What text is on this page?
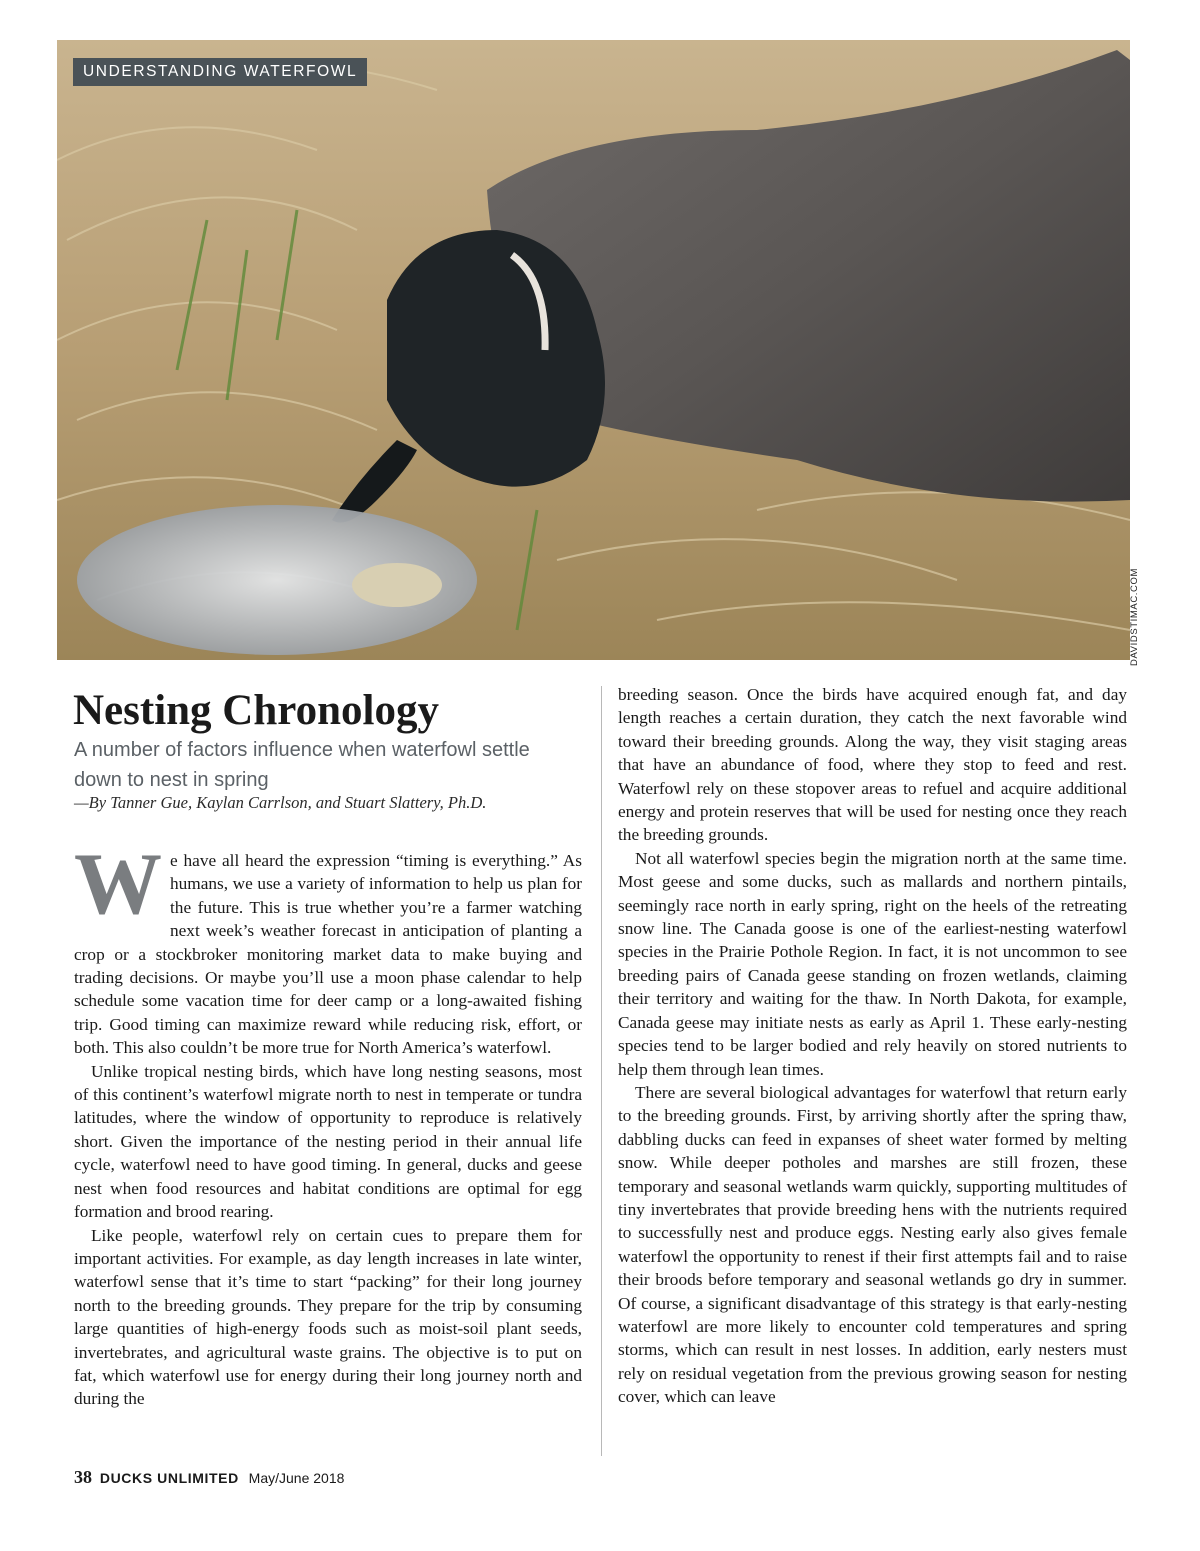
UNDERSTANDING WATERFOWL
DAVIDSTIMAC.COM
Nesting Chronology

A number of factors influence when waterfowl settle down to nest in spring

—By Tanner Gue, Kaylan Carrlson, and Stuart Slattery, Ph.D.

We have all heard the expression “timing is everything.” As humans, we use a variety of information to help us plan for the future. This is true whether you’re a farmer watching next week’s weather forecast in anticipation of planting a crop or a stockbroker monitoring market data to make buying and trading decisions. Or maybe you’ll use a moon phase calendar to help schedule some vacation time for deer camp or a long-awaited fishing trip. Good timing can maximize reward while reducing risk, effort, or both. This also couldn’t be more true for North America’s waterfowl.

Unlike tropical nesting birds, which have long nesting seasons, most of this continent’s waterfowl migrate north to nest in temperate or tundra latitudes, where the window of opportunity to reproduce is relatively short. Given the importance of the nesting period in their annual life cycle, waterfowl need to have good timing. In general, ducks and geese nest when food resources and habitat conditions are optimal for egg formation and brood rearing.

Like people, waterfowl rely on certain cues to prepare them for important activities. For example, as day length increases in late winter, waterfowl sense that it’s time to start “packing” for their long journey north to the breeding grounds. They prepare for the trip by consuming large quantities of high-energy foods such as moist-soil plant seeds, invertebrates, and agricultural waste grains. The objective is to put on fat, which waterfowl use for energy during their long journey north and during the

breeding season. Once the birds have acquired enough fat, and day length reaches a certain duration, they catch the next favorable wind toward their breeding grounds. Along the way, they visit staging areas that have an abundance of food, where they stop to feed and rest. Waterfowl rely on these stopover areas to refuel and acquire additional energy and protein reserves that will be used for nesting once they reach the breeding grounds.

Not all waterfowl species begin the migration north at the same time. Most geese and some ducks, such as mallards and northern pintails, seemingly race north in early spring, right on the heels of the retreating snow line. The Canada goose is one of the earliest-nesting waterfowl species in the Prairie Pothole Region. In fact, it is not uncommon to see breeding pairs of Canada geese standing on frozen wetlands, claiming their territory and waiting for the thaw. In North Dakota, for example, Canada geese may initiate nests as early as April 1. These early-nesting species tend to be larger bodied and rely heavily on stored nutrients to help them through lean times.

There are several biological advantages for waterfowl that return early to the breeding grounds. First, by arriving shortly after the spring thaw, dabbling ducks can feed in expanses of sheet water formed by melting snow. While deeper potholes and marshes are still frozen, these temporary and seasonal wetlands warm quickly, supporting multitudes of tiny invertebrates that provide breeding hens with the nutrients required to successfully nest and produce eggs. Nesting early also gives female waterfowl the opportunity to renest if their first attempts fail and to raise their broods before temporary and seasonal wetlands go dry in summer. Of course, a significant disadvantage of this strategy is that early-nesting waterfowl are more likely to encounter cold temperatures and spring storms, which can result in nest losses. In addition, early nesters must rely on residual vegetation from the previous growing season for nesting cover, which can leave

38 DUCKS UNLIMITED May/June 2018
